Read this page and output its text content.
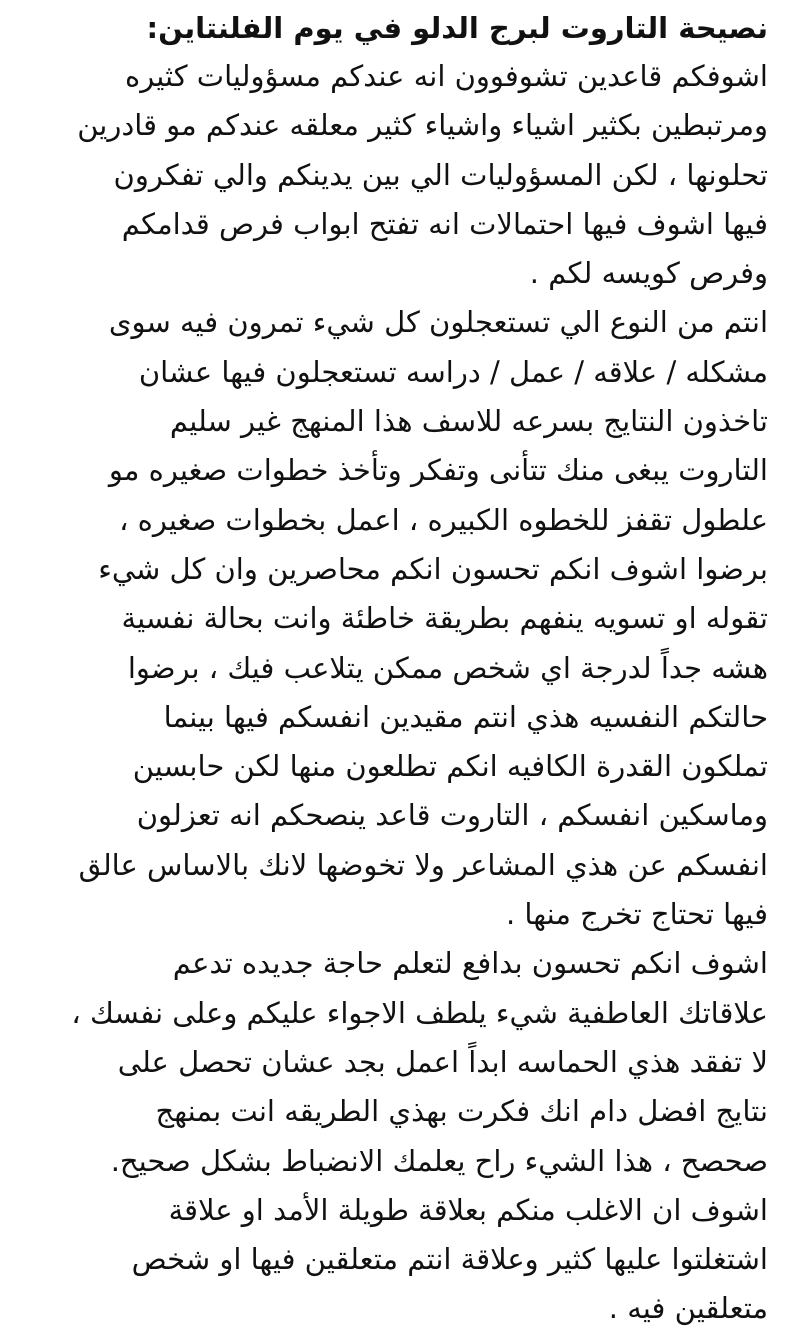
نصيحة التاروت لبرج الدلو في يوم الفلنتاين:
اشوفكم قاعدين تشوفوون انه عندكم مسؤوليات كثيره
ومرتبطين بكثير اشياء واشياء كثير معلقه عندكم مو قادرين
تحلونها ، لكن المسؤوليات الي بين يدينكم والي تفكرون
فيها اشوف فيها احتمالات انه تفتح ابواب فرص قدامكم
وفرص كويسه لكم .
انتم من النوع الي تستعجلون كل شيء تمرون فيه سوى
مشكله / علاقه / عمل / دراسه تستعجلون فيها عشان
تاخذون النتايج بسرعه للاسف هذا المنهج غير سليم
التاروت يبغى منك تتأنى وتفكر وتأخذ خطوات صغيره مو
علطول تقفز للخطوه الكبيره ، اعمل بخطوات صغيره ،
برضوا اشوف انكم تحسون انكم محاصرين وان كل شيء
تقوله او تسويه ينفهم بطريقة خاطئة وانت بحالة نفسية
هشه جداً لدرجة اي شخص ممكن يتلاعب فيك ، برضوا
حالتكم النفسيه هذي انتم مقيدين انفسكم فيها بينما
تملكون القدرة الكافيه انكم تطلعون منها لكن حابسين
وماسكين انفسكم ، التاروت قاعد ينصحكم انه تعزلون
انفسكم عن هذي المشاعر ولا تخوضها لانك بالاساس عالق
فيها تحتاج تخرج منها .
اشوف انكم تحسون بدافع لتعلم حاجة جديده تدعم
علاقاتك العاطفية شيء يلطف الاجواء عليكم وعلى نفسك ،
لا تفقد هذي الحماسه ابداً اعمل بجد عشان تحصل على
نتايج افضل دام انك فكرت بهذي الطريقه انت بمنهج
صحصح ، هذا الشيء راح يعلمك الانضباط بشكل صحيح.
اشوف ان الاغلب منكم بعلاقة طويلة الأمد او علاقة
اشتغلتوا عليها كثير وعلاقة انتم متعلقين فيها او شخص
متعلقين فيه .
